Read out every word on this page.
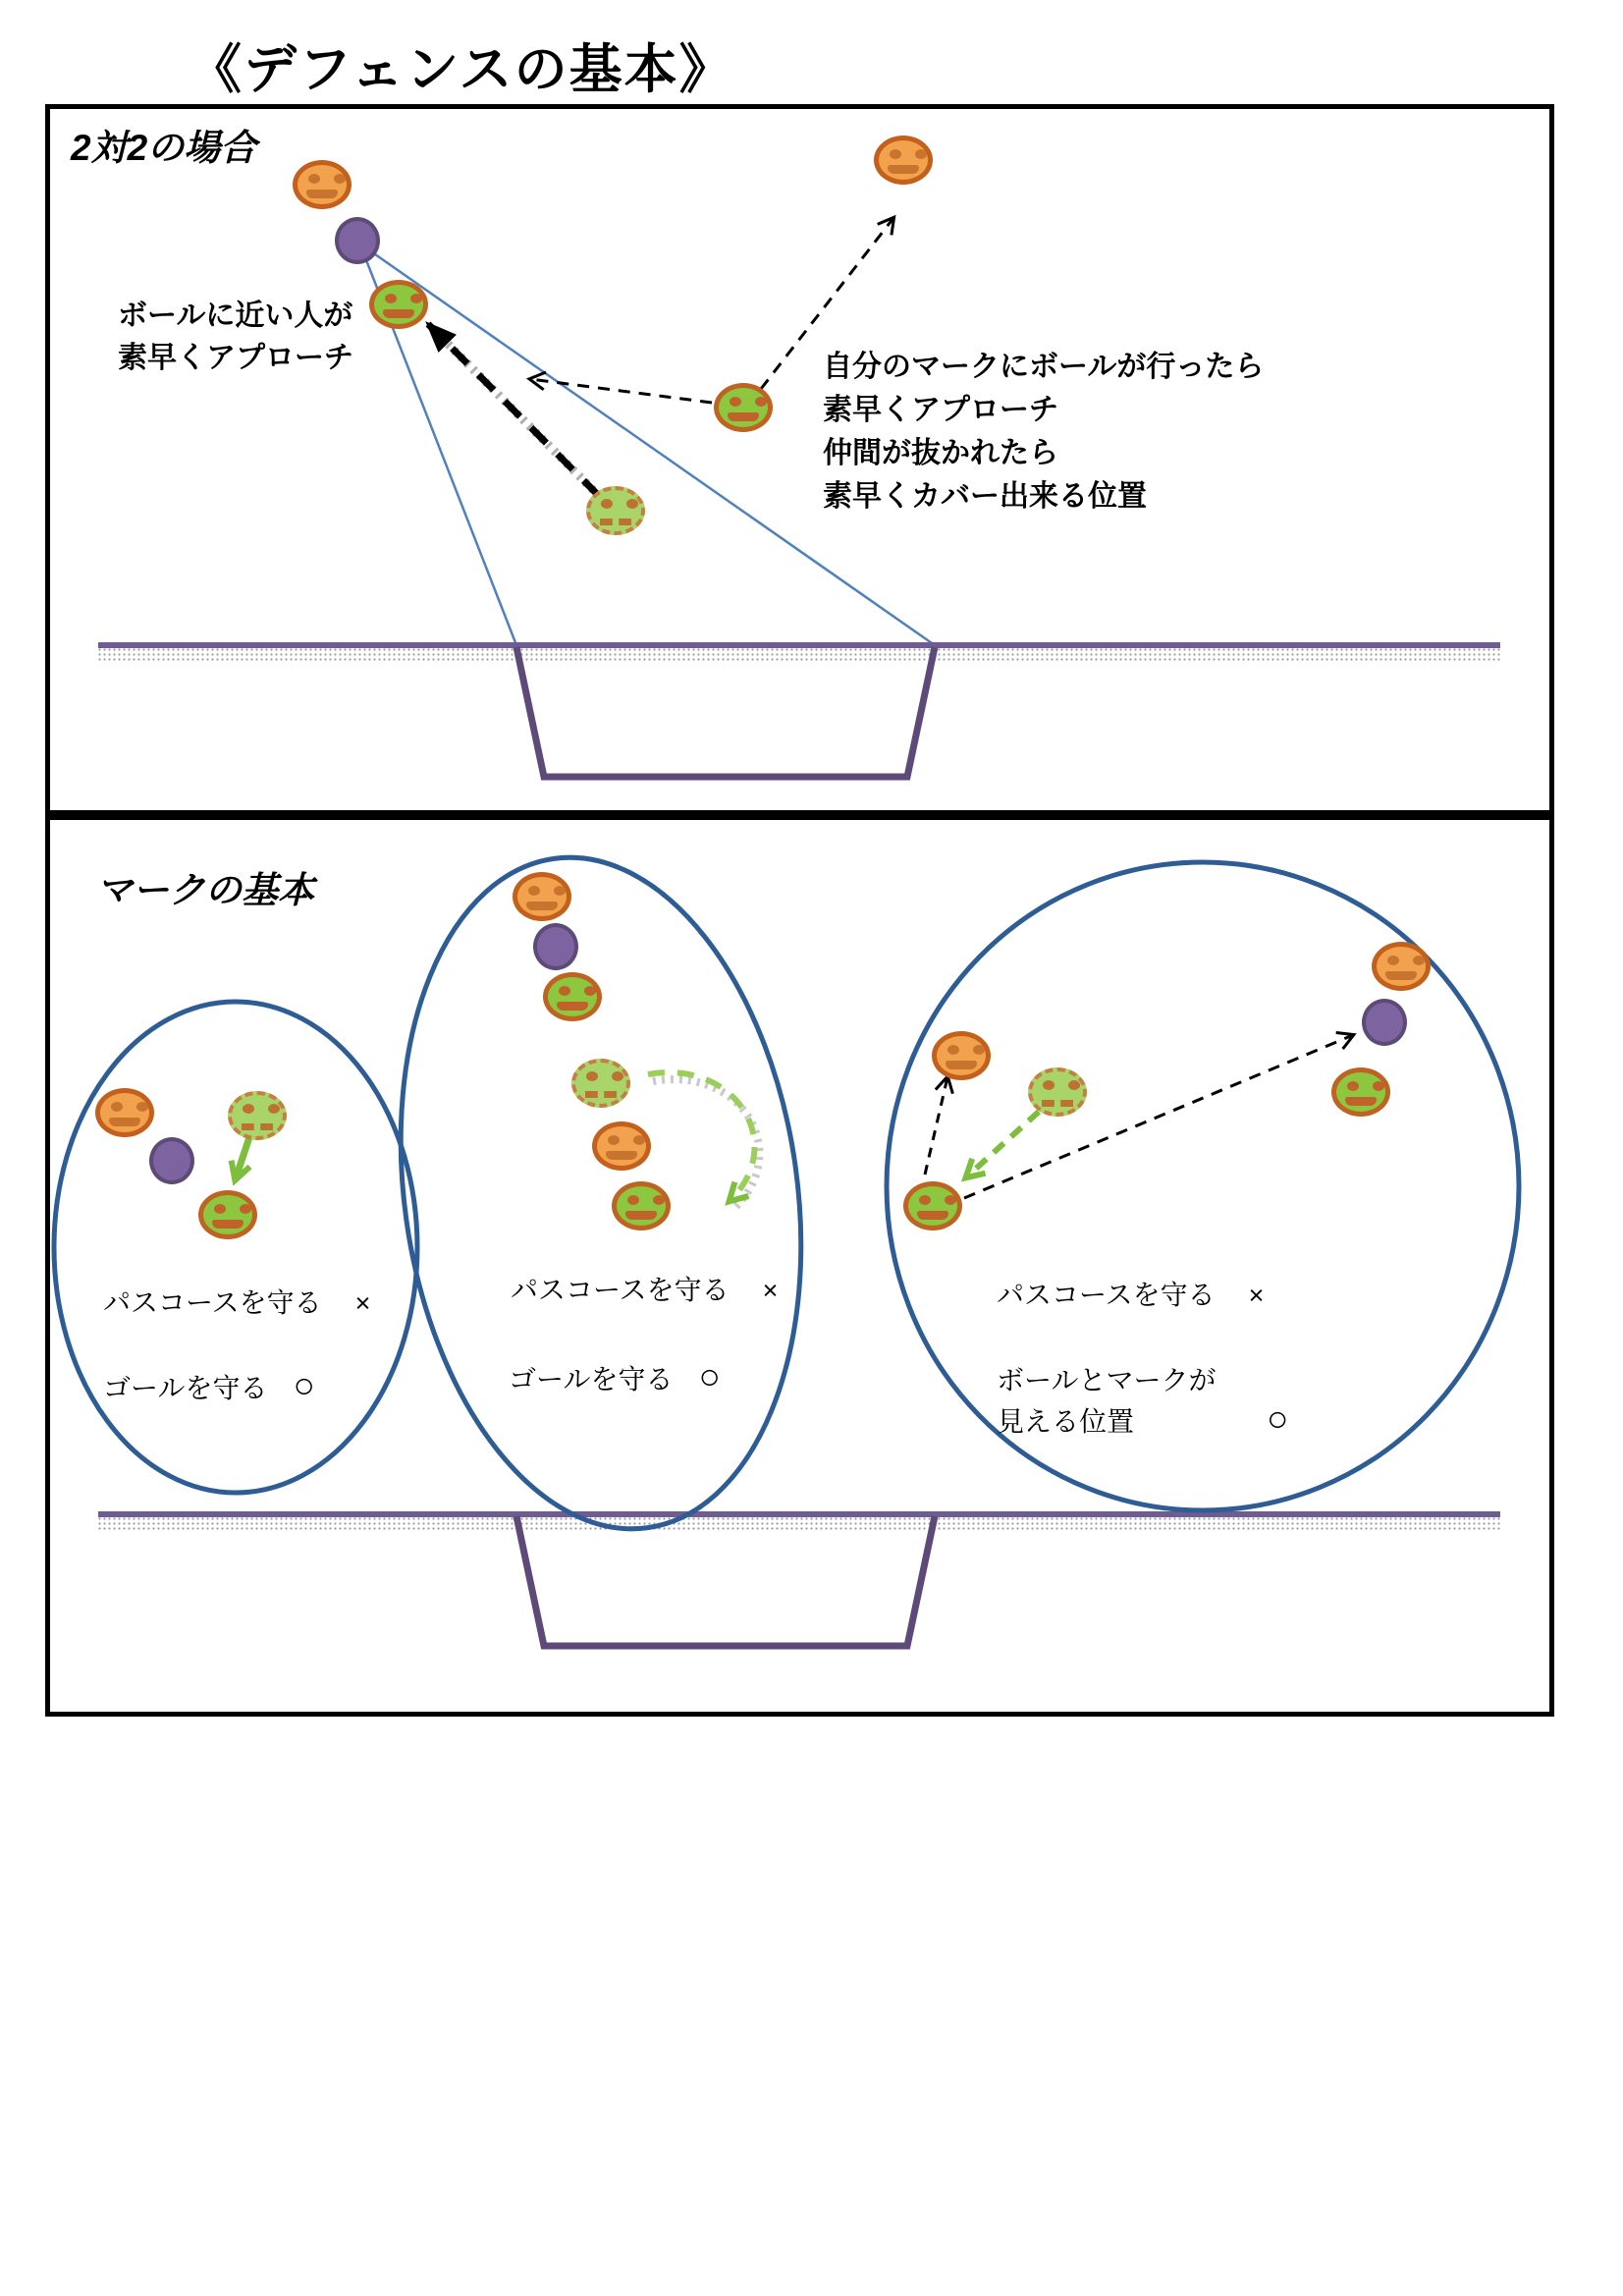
《デフェンスの基本》
2対2の場合
ボールに近い人が
素早くアプローチ	自分のマークにボールが行ったら
素早くアプローチ
仲間が抜かれたら
素早くカバー出来る位置
マークの基本
パスコースを守る ×
ゴールを守る ○
パスコースを守る ×
ゴールを守る ○
パスコースを守る ×
ボールとマークが
見える位置	○
